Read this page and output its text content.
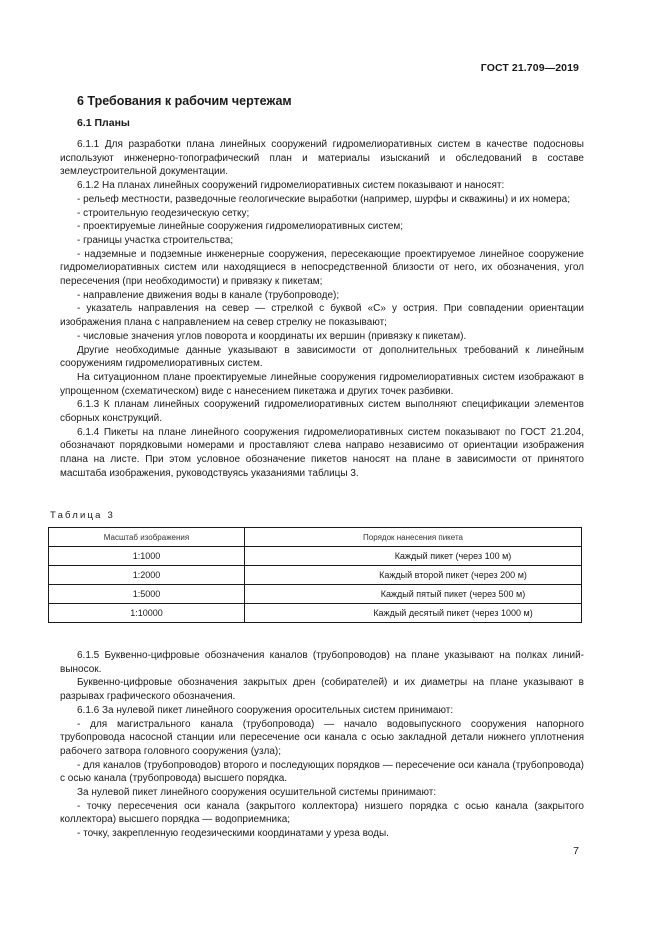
ГОСТ 21.709—2019
6 Требования к рабочим чертежам
6.1 Планы

6.1.1 Для разработки плана линейных сооружений гидромелиоративных систем в качестве подосновы используют инженерно-топографический план и материалы изысканий и обследований в составе землеустроительной документации.

6.1.2 На планах линейных сооружений гидромелиоративных систем показывают и наносят:

- рельеф местности, разведочные геологические выработки (например, шурфы и скважины) и их номера;

- строительную геодезическую сетку;

- проектируемые линейные сооружения гидромелиоративных систем;

- границы участка строительства;

- надземные и подземные инженерные сооружения, пересекающие проектируемое линейное сооружение гидромелиоративных систем или находящиеся в непосредственной близости от него, их обозначения, угол пересечения (при необходимости) и привязку к пикетам;

- направление движения воды в канале (трубопроводе);

- указатель направления на север — стрелкой с буквой «С» у острия. При совпадении ориентации изображения плана с направлением на север стрелку не показывают;

- числовые значения углов поворота и координаты их вершин (привязку к пикетам).

Другие необходимые данные указывают в зависимости от дополнительных требований к линейным сооружениям гидромелиоративных систем.

На ситуационном плане проектируемые линейные сооружения гидромелиоративных систем изображают в упрощенном (схематическом) виде с нанесением пикетажа и других точек разбивки.

6.1.3 К планам линейных сооружений гидромелиоративных систем выполняют спецификации элементов сборных конструкций.

6.1.4 Пикеты на плане линейного сооружения гидромелиоративных систем показывают по ГОСТ 21.204, обозначают порядковыми номерами и проставляют слева направо независимо от ориентации изображения плана на листе. При этом условное обозначение пикетов наносят на плане в зависимости от принятого масштаба изображения, руководствуясь указаниями таблицы 3.

Таблица 3
Масштаб изображения	Порядок нанесения пикета
1:1000	Каждый пикет (через 100 м)
1:2000	Каждый второй пикет (через 200 м)
1:5000	Каждый пятый пикет (через 500 м)
1:10000	Каждый десятый пикет (через 1000 м)

6.1.5 Буквенно-цифровые обозначения каналов (трубопроводов) на плане указывают на полках линий-выносок.

Буквенно-цифровые обозначения закрытых дрен (собирателей) и их диаметры на плане указывают в разрывах графического обозначения.

6.1.6 За нулевой пикет линейного сооружения оросительных систем принимают:

- для магистрального канала (трубопровода) — начало водовыпускного сооружения напорного трубопровода насосной станции или пересечение оси канала с осью закладной детали нижнего уплотнения рабочего затвора головного сооружения (узла);

- для каналов (трубопроводов) второго и последующих порядков — пересечение оси канала (трубопровода) с осью канала (трубопровода) высшего порядка.

За нулевой пикет линейного сооружения осушительной системы принимают:

- точку пересечения оси канала (закрытого коллектора) низшего порядка с осью канала (закрытого коллектора) высшего порядка — водоприемника;

- точку, закрепленную геодезическими координатами у уреза воды.

7
